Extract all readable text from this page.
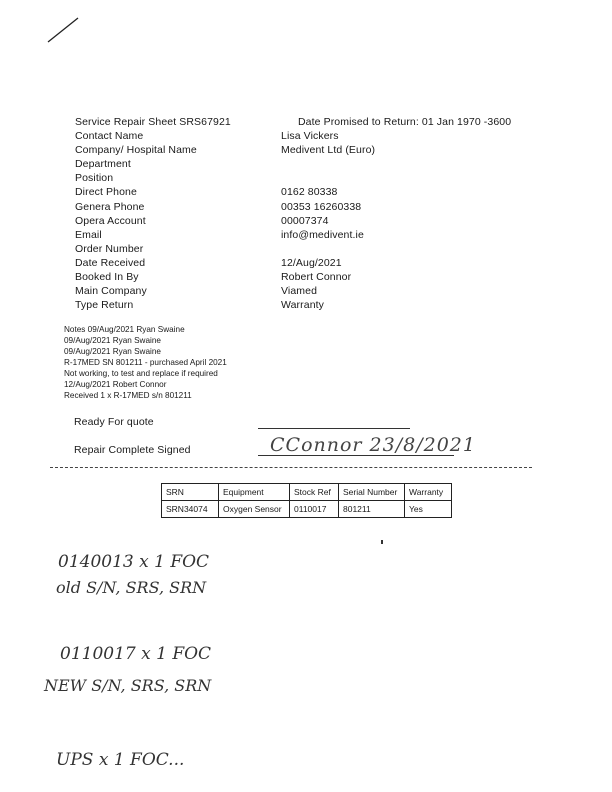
Service Repair Sheet SRS67921	Date Promised to Return: 01 Jan 1970 -3600
Contact Name	Lisa Vickers
Company/ Hospital Name	Medivent Ltd (Euro)
Department
Position
Direct Phone	0162 80338
Genera Phone	00353 16260338
Opera Account	00007374
Email	info@medivent.ie
Order Number
Date Received	12/Aug/2021
Booked In By	Robert Connor
Main Company	Viamed
Type Return	Warranty
Notes 09/Aug/2021 Ryan Swaine
09/Aug/2021 Ryan Swaine
09/Aug/2021 Ryan Swaine
R-17MED SN 801211 - purchased April 2021
Not working, to test and replace if required
12/Aug/2021 Robert Connor
Received 1 x R-17MED s/n 801211
Ready For quote
Repair Complete Signed	CConnor 23/8/2021
SRN	Equipment	Stock Ref	Serial Number	Warranty
SRN34074	Oxygen Sensor	0110017	801211	Yes
0140013 x 1 FOC
old S/N, SRS, SRN
0110017 x 1 FOC
NEW S/N, SRS, SRN
UPS x 1 FOC...
